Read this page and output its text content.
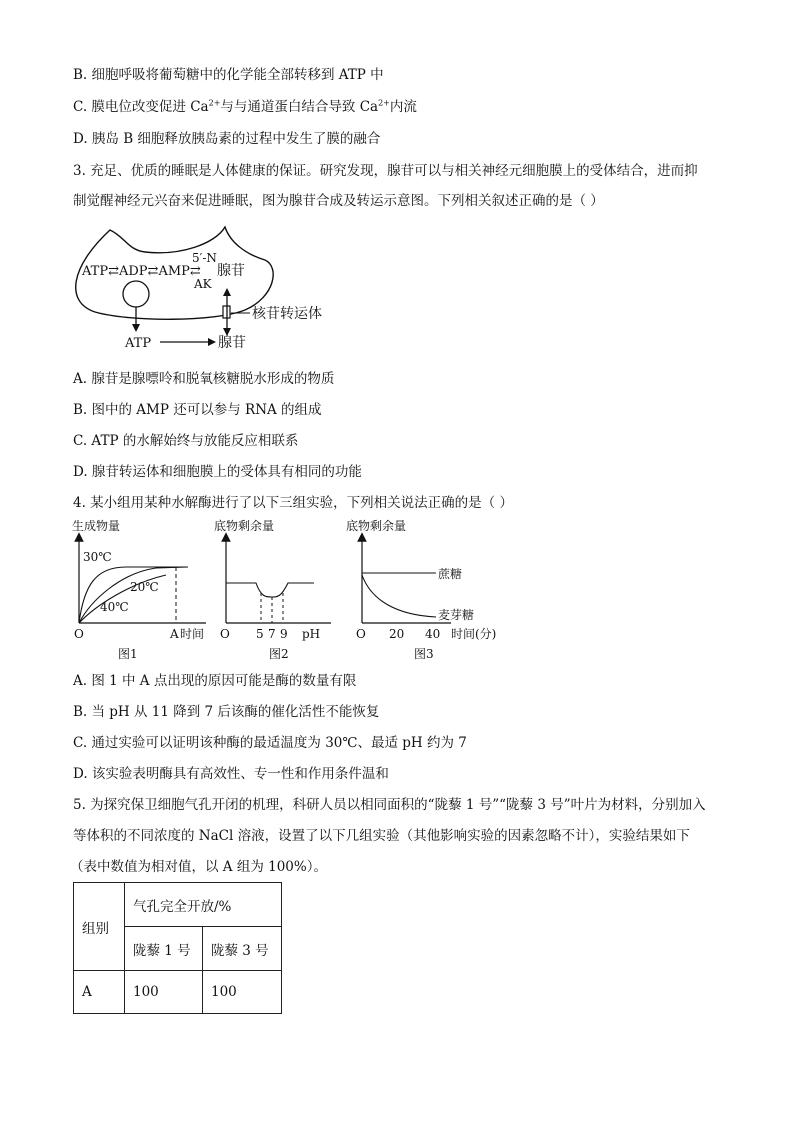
B. 细胞呼吸将葡萄糖中的化学能全部转移到 ATP 中
C. 膜电位改变促进 $Ca^{2+}$与与通道蛋白结合导致 $Ca^{2+}$内流
D. 胰岛 B 细胞释放胰岛素的过程中发生了膜的融合
3. 充足、优质的睡眠是人体健康的保证。研究发现，腺苷可以与相关神经元细胞膜上的受体结合，进而抑
制觉醒神经元兴奋来促进睡眠，图为腺苷合成及转运示意图。下列相关叙述正确的是（ ）
ATP⇄ADP⇄AMP⇄
5′-N
AK
腺苷
核苷转运体
ATP	腺苷
A. 腺苷是腺嘌呤和脱氧核糖脱水形成的物质
B. 图中的 AMP 还可以参与 RNA 的组成
C. ATP 的水解始终与放能反应相联系
D. 腺苷转运体和细胞膜上的受体具有相同的功能
4. 某小组用某种水解酶进行了以下三组实验，下列相关说法正确的是（ ）
生成物量
30℃
20℃
40℃
O	A 时间
图1
底物剩余量
O 5 7 9 pH
图2
底物剩余量
蔗糖
麦芽糖
O 20 40 时间(分)
图3
A. 图 1 中 A 点出现的原因可能是酶的数量有限
B. 当 pH 从 11 降到 7 后该酶的催化活性不能恢复
C. 通过实验可以证明该种酶的最适温度为 30℃、最适 pH 约为 7
D. 该实验表明酶具有高效性、专一性和作用条件温和
5. 为探究保卫细胞气孔开闭的机理，科研人员以相同面积的“陇藜 1 号”“陇藜 3 号”叶片为材料，分别加入
等体积的不同浓度的 NaCl 溶液，设置了以下几组实验（其他影响实验的因素忽略不计），实验结果如下
（表中数值为相对值，以 A 组为 100%）。
组别	气孔完全开放/%	
	陇藜 1 号	陇藜 3 号
A	100	100
